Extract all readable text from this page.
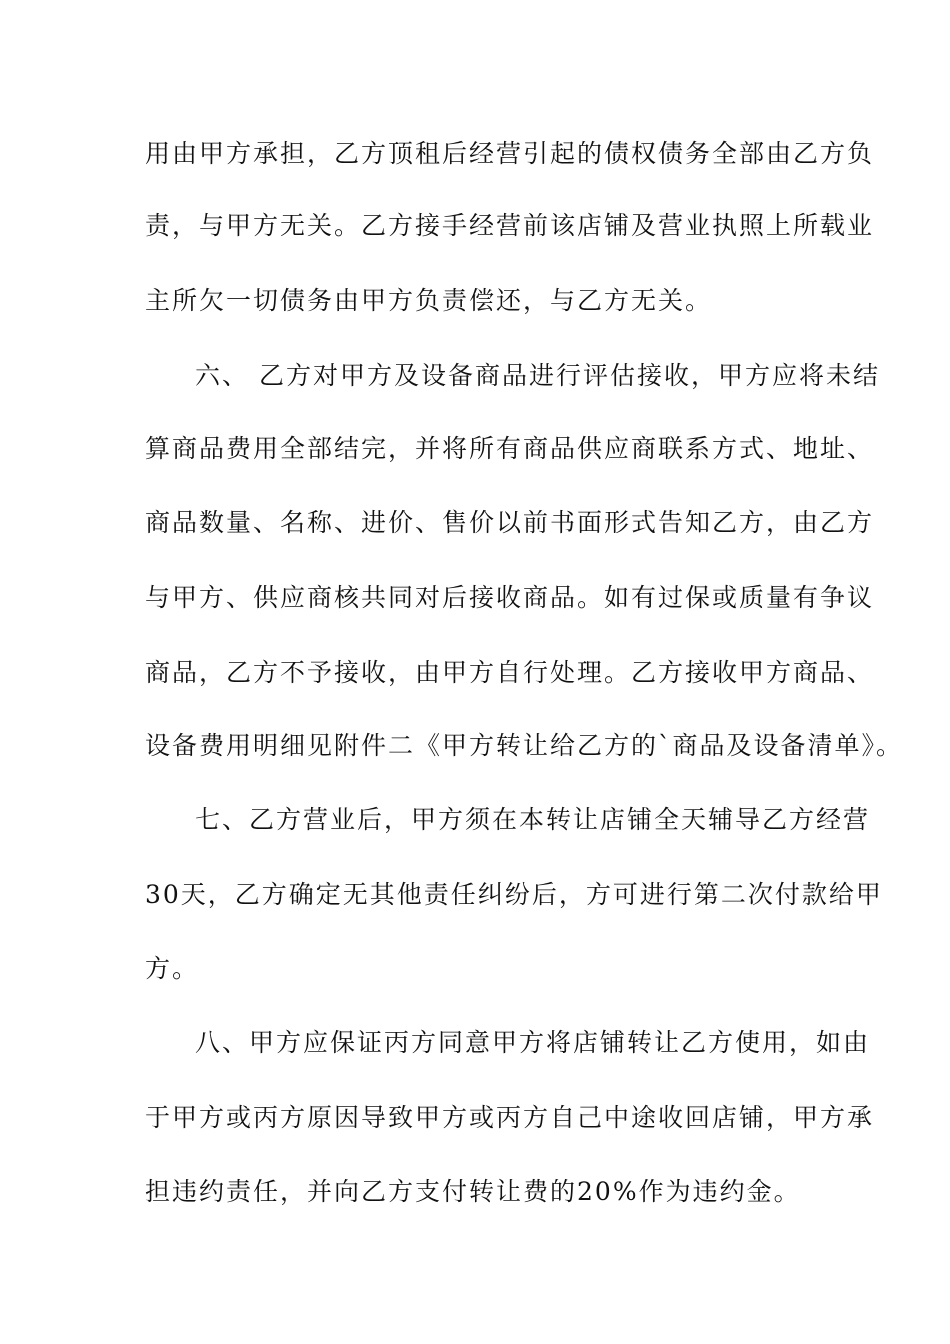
用由甲方承担，乙方顶租后经营引起的债权债务全部由乙方负
责，与甲方无关。乙方接手经营前该店铺及营业执照上所载业
主所欠一切债务由甲方负责偿还，与乙方无关。
六、 乙方对甲方及设备商品进行评估接收，甲方应将未结
算商品费用全部结完，并将所有商品供应商联系方式、地址、
商品数量、名称、进价、售价以前书面形式告知乙方，由乙方
与甲方、供应商核共同对后接收商品。如有过保或质量有争议
商品，乙方不予接收，由甲方自行处理。乙方接收甲方商品、
设备费用明细见附件二《甲方转让给乙方的`商品及设备清单》。
七、乙方营业后，甲方须在本转让店铺全天辅导乙方经营
30天，乙方确定无其他责任纠纷后，方可进行第二次付款给甲
方。
八、甲方应保证丙方同意甲方将店铺转让乙方使用，如由
于甲方或丙方原因导致甲方或丙方自己中途收回店铺，甲方承
担违约责任，并向乙方支付转让费的20%作为违约金。
